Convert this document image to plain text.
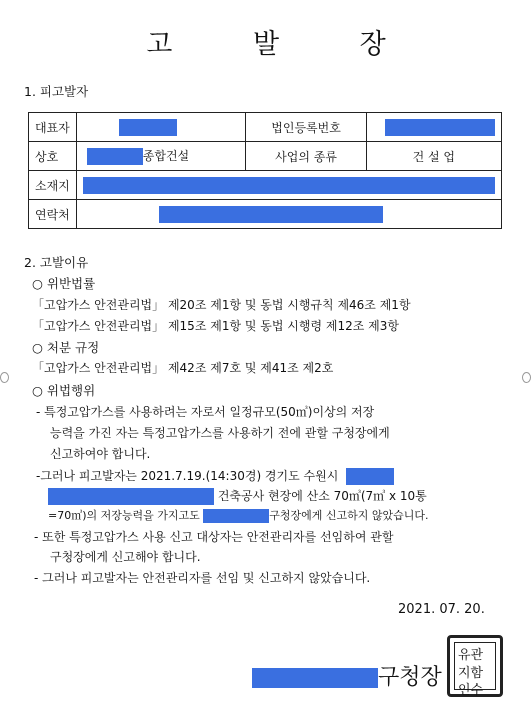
고 발 장
1. 피고발자
대표자		법인등록번호	
상호	종합건설	사업의 종류	건 설 업
소재지			
연락처			
2. 고발이유
○ 위반법률
「고압가스 안전관리법」 제20조 제1항 및 동법 시행규칙 제46조 제1항
「고압가스 안전관리법」 제15조 제1항 및 동법 시행령 제12조 제3항
○ 처분 규정
「고압가스 안전관리법」 제42조 제7호 및 제41조 제2호
○ 위법행위
- 특정고압가스를 사용하려는 자로서 일정규모(50㎥)이상의 저장
능력을 가진 자는 특정고압가스를 사용하기 전에 관할 구청장에게
신고하여야 합니다.
-그러나 피고발자는 2021.7.19.(14:30경) 경기도 수원시
건축공사 현장에 산소 70㎥(7㎥ x 10통
=70㎥)의 저장능력을 가지고도	구청장에게 신고하지 않았습니다.
- 또한 특정고압가스 사용 신고 대상자는 안전관리자를 선임하여 관할
구청장에게 신고해야 합니다.
- 그러나 피고발자는 안전관리자를 선임 및 신고하지 않았습니다.
2021. 07. 20.
구청장
유관
지함
인수
